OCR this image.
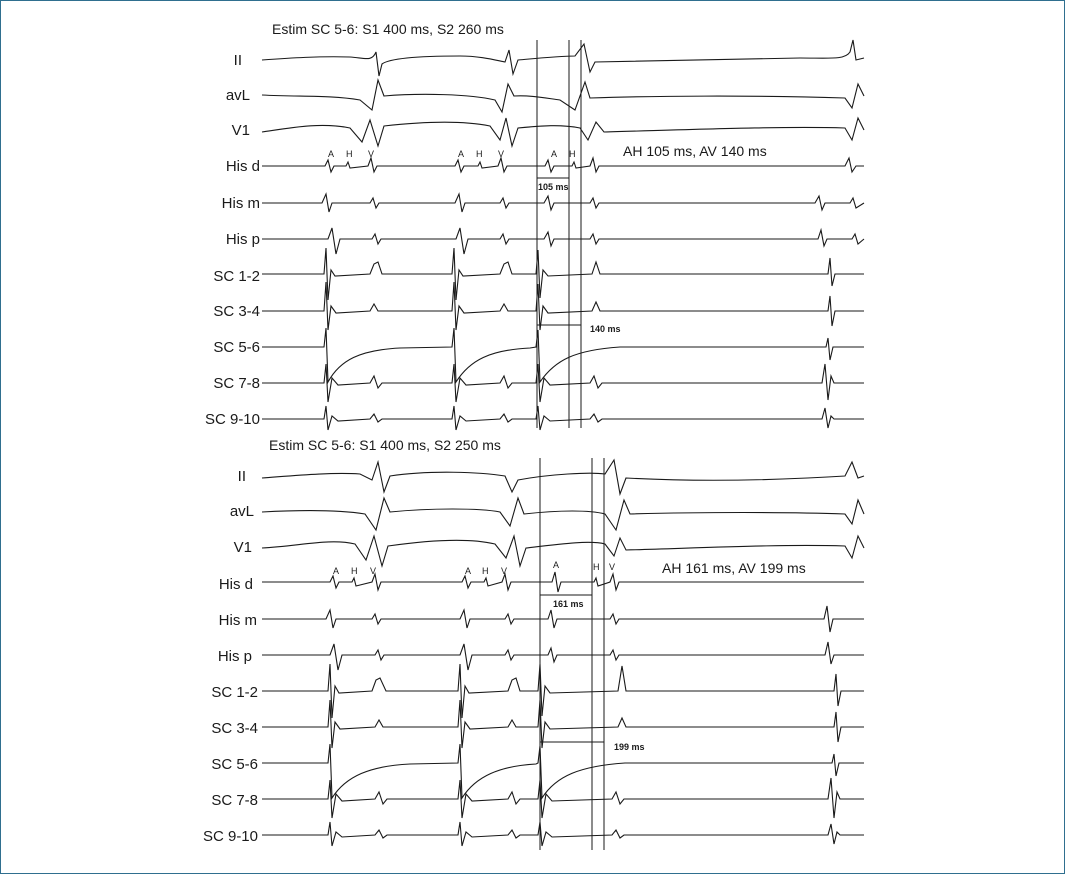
Estim SC 5-6: S1 400 ms, S2 260 ms
II
avL
V1
His d
His m
His p
SC 1-2
SC 3-4
SC 5-6
SC 7-8
SC 9-10
A H V	A H V	A H
105 ms
140 ms
AH 105 ms, AV 140 ms
Estim SC 5-6: S1 400 ms, S2 250 ms
II
avL
V1
His d
His m
His p
SC 1-2
SC 3-4
SC 5-6
SC 7-8
SC 9-10
A H V	A H V
A	H V
161 ms
199 ms
AH 161 ms, AV 199 ms
